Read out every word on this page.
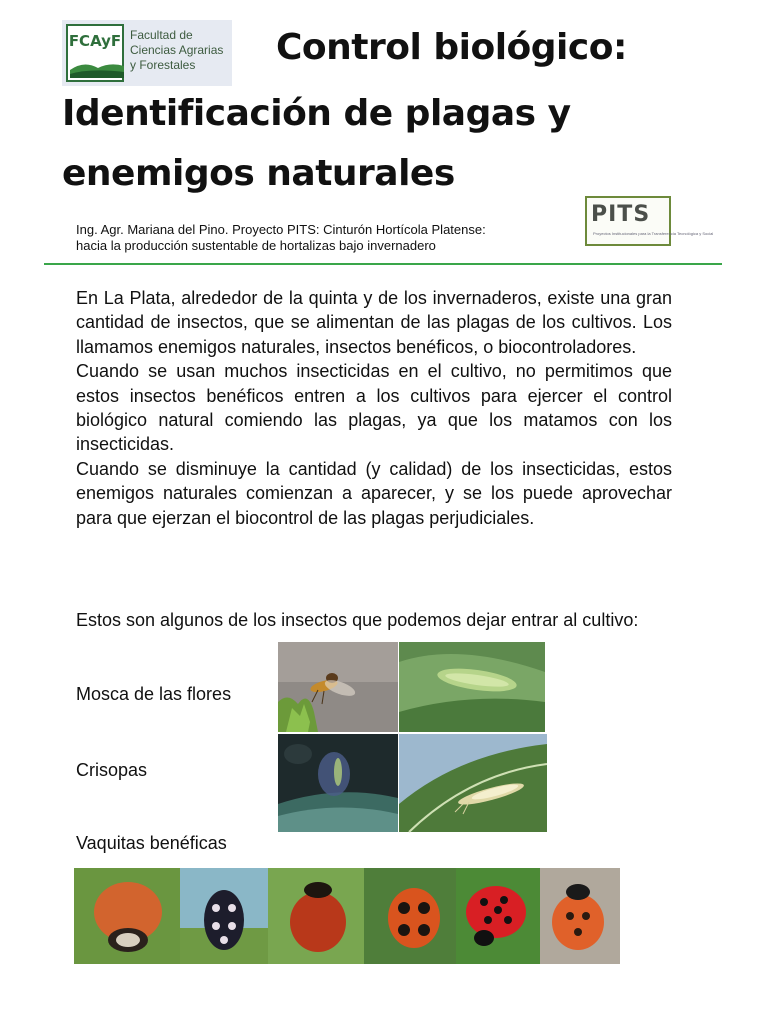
FCAyF Facultad de
Ciencias Agrarias
y Forestales	Control biológico:
Identificación de plagas y
enemigos naturales
Ing. Agr. Mariana del Pino. Proyecto PITS: Cinturón Hortícola Platense:
hacia la producción sustentable de hortalizas bajo invernadero
PITS
Proyectos Institucionales para la Transferencia Tecnológica y Social

En La Plata, alrededor de la quinta y de los invernaderos, existe una gran cantidad de insectos, que se alimentan de las plagas de los cultivos. Los llamamos enemigos naturales, insectos benéficos, o biocontroladores.

Cuando se usan muchos insecticidas en el cultivo, no permitimos que estos insectos benéficos entren a los cultivos para ejercer el control biológico natural comiendo las plagas, ya que los matamos con los insecticidas.

Cuando se disminuye la cantidad (y calidad) de los insecticidas, estos enemigos naturales comienzan a aparecer, y se los puede aprovechar para que ejerzan el biocontrol de las plagas perjudiciales.

Estos son algunos de los insectos que podemos dejar entrar al cultivo:
Mosca de las flores
Crisopas
Vaquitas benéficas
